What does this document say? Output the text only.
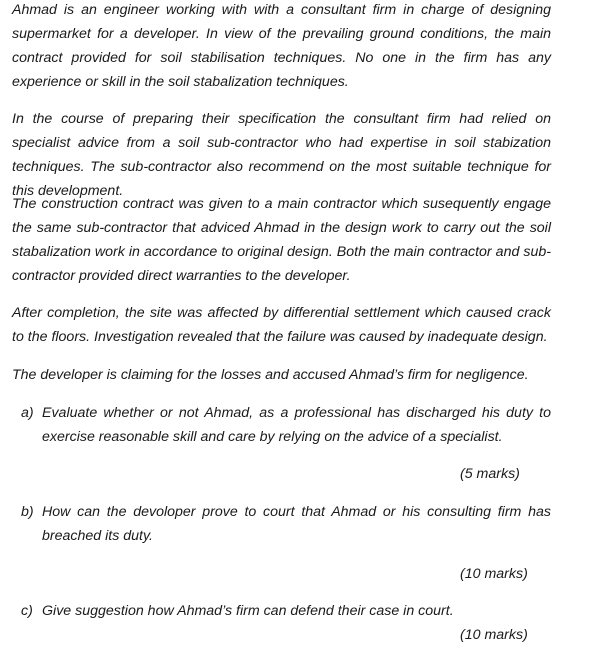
Ahmad is an engineer working with with a consultant firm in charge of designing supermarket for a developer. In view of the prevailing ground conditions, the main contract provided for soil stabilisation techniques. No one in the firm has any experience or skill in the soil stabalization techniques.

In the course of preparing their specification the consultant firm had relied on specialist advice from a soil sub-contractor who had expertise in soil stabization techniques. The sub-contractor also recommend on the most suitable technique for this development.

The construction contract was given to a main contractor which susequently engage the same sub-contractor that adviced Ahmad in the design work to carry out the soil stabalization work in accordance to original design. Both the main contractor and sub-contractor provided direct warranties to the developer.

After completion, the site was affected by differential settlement which caused crack to the floors. Investigation revealed that the failure was caused by inadequate design.

The developer is claiming for the losses and accused Ahmad’s firm for negligence.

a) Evaluate whether or not Ahmad, as a professional has discharged his duty to exercise reasonable skill and care by relying on the advice of a specialist.
(5 marks)
b) How can the devoloper prove to court that Ahmad or his consulting firm has breached its duty.
(10 marks)
c) Give suggestion how Ahmad’s firm can defend their case in court.
(10 marks)
